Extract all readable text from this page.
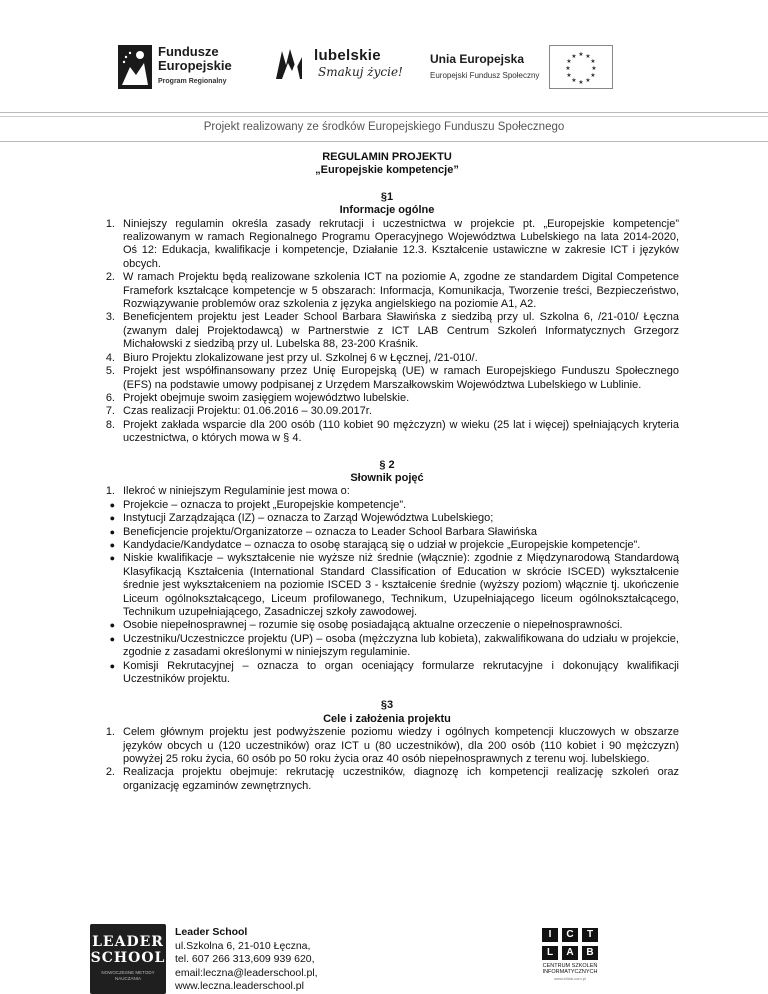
Fundusze
Europejskie
Program Regionalny
lubelskie
Smakuj życie!
Unia Europejska
Europejski Fundusz Społeczny
★ ★
★
★
★
★
★
★
★
★
★
★
Projekt realizowany ze środków Europejskiego Funduszu Społecznego
REGULAMIN PROJEKTU
„Europejskie kompetencje”
§1
Informacje ogólne
1. Niniejszy regulamin określa zasady rekrutacji i uczestnictwa w projekcie pt. „Europejskie kompetencje” realizowanym w ramach Regionalnego Programu Operacyjnego Województwa Lubelskiego na lata 2014-2020, Oś 12: Edukacja, kwalifikacje i kompetencje, Działanie 12.3. Kształcenie ustawiczne w zakresie ICT i języków obcych.
2. W ramach Projektu będą realizowane szkolenia ICT na poziomie A, zgodne ze standardem Digital Competence Framefork kształcące kompetencje w 5 obszarach: Informacja, Komunikacja, Tworzenie treści, Bezpieczeństwo, Rozwiązywanie problemów oraz szkolenia z języka angielskiego na poziomie A1, A2.
3. Beneficjentem projektu jest Leader School Barbara Sławińska z siedzibą przy ul. Szkolna 6, /21-010/ Łęczna (zwanym dalej Projektodawcą) w Partnerstwie z ICT LAB Centrum Szkoleń Informatycznych Grzegorz Michałowski z siedzibą przy ul. Lubelska 88, 23-200 Kraśnik.
4. Biuro Projektu zlokalizowane jest przy ul. Szkolnej 6 w Łęcznej, /21-010/.
5. Projekt jest współfinansowany przez Unię Europejską (UE) w ramach Europejskiego Funduszu Społecznego (EFS) na podstawie umowy podpisanej z Urzędem Marszałkowskim Województwa Lubelskiego w Lublinie.
6. Projekt obejmuje swoim zasięgiem województwo lubelskie.
7. Czas realizacji Projektu: 01.06.2016 – 30.09.2017r.
8. Projekt zakłada wsparcie dla 200 osób (110 kobiet 90 mężczyzn) w wieku (25 lat i więcej) spełniających kryteria uczestnictwa, o których mowa w § 4.
§ 2
Słownik pojęć
1. Ilekroć w niniejszym Regulaminie jest mowa o:
●
Projekcie – oznacza to projekt „Europejskie kompetencje”.
●
Instytucji Zarządzająca (IZ) – oznacza to Zarząd Województwa Lubelskiego;
●
Beneficjencie projektu/Organizatorze – oznacza to Leader School Barbara Sławińska
●
Kandydacie/Kandydatce – oznacza to osobę starającą się o udział w projekcie „Europejskie kompetencje”.
●
Niskie kwalifikacje – wykształcenie nie wyższe niż średnie (włącznie): zgodnie z Międzynarodową Standardową Klasyfikacją Kształcenia (International Standard Classification of Education w skrócie ISCED) wykształcenie średnie jest wykształceniem na poziomie ISCED 3 - kształcenie średnie (wyższy poziom) włącznie tj. ukończenie Liceum ogólnokształcącego, Liceum profilowanego, Technikum, Uzupełniającego liceum ogólnokształcącego, Technikum uzupełniającego, Zasadniczej szkoły zawodowej.
●
Osobie niepełnosprawnej – rozumie się osobę posiadającą aktualne orzeczenie o niepełnosprawności.
●
Uczestniku/Uczestniczce projektu (UP) – osoba (mężczyzna lub kobieta), zakwalifikowana do udziału w projekcie, zgodnie z zasadami określonymi w niniejszym regulaminie.
●
Komisji Rekrutacyjnej – oznacza to organ oceniający formularze rekrutacyjne i dokonujący kwalifikacji Uczestników projektu.
§3
Cele i założenia projektu
1. Celem głównym projektu jest podwyższenie poziomu wiedzy i ogólnych kompetencji kluczowych w obszarze języków obcych u (120 uczestników) oraz ICT u (80 uczestników), dla 200 osób (110 kobiet i 90 mężczyzn) powyżej 25 roku życia, 60 osób po 50 roku życia oraz 40 osób niepełnosprawnych z terenu woj. lubelskiego.
2. Realizacja projektu obejmuje: rekrutację uczestników, diagnozę ich kompetencji realizację szkoleń oraz organizację egzaminów zewnętrznych.
LEADER
SCHOOL
NOWOCZESNE METODY NAUCZANIA
Leader School
ul.Szkolna 6, 21-010 Łęczna,
tel. 607 266 313,609 939 620,
email:leczna@leaderschool.pl,
www.leczna.leaderschool.pl
I	C	T
L	A	B
CENTRUM SZKOLEŃ INFORMATYCZNYCH
www.ictlab.com.pl
